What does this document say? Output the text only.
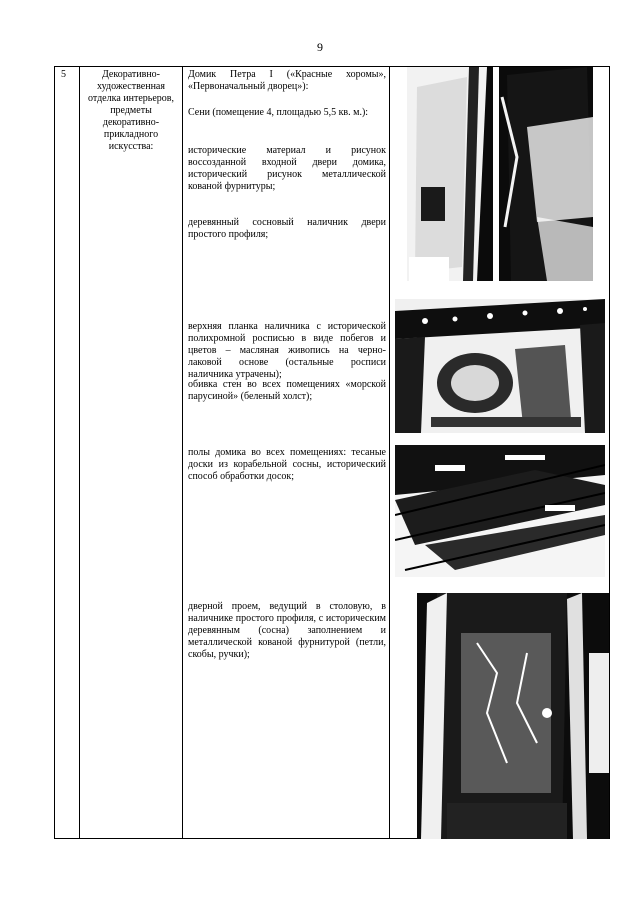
9
5	Декоративно-художественная отделка интерьеров, предметы декоративно-прикладного искусства:
Домик Петра I («Красные хоромы», «Первоначальный дворец»):
Сени (помещение 4, площадью 5,5 кв. м.):
исторические материал и рисунок воссозданной входной двери домика, исторический рисунок металлической кованой фурнитуры;
деревянный сосновый наличник двери простого профиля;
верхняя планка наличника с исторической полихромной росписью в виде побегов и цветов – масляная живопись на черно-лаковой основе (остальные росписи наличника утрачены);
обивка стен во всех помещениях «морской парусиной» (беленый холст);
полы домика во всех помещениях: тесаные доски из корабельной сосны, исторический способ обработки досок;
дверной проем, ведущий в столовую, в наличнике простого профиля, с историческим деревянным (сосна) заполнением и металлической кованой фурнитурой (петли, скобы, ручки);
